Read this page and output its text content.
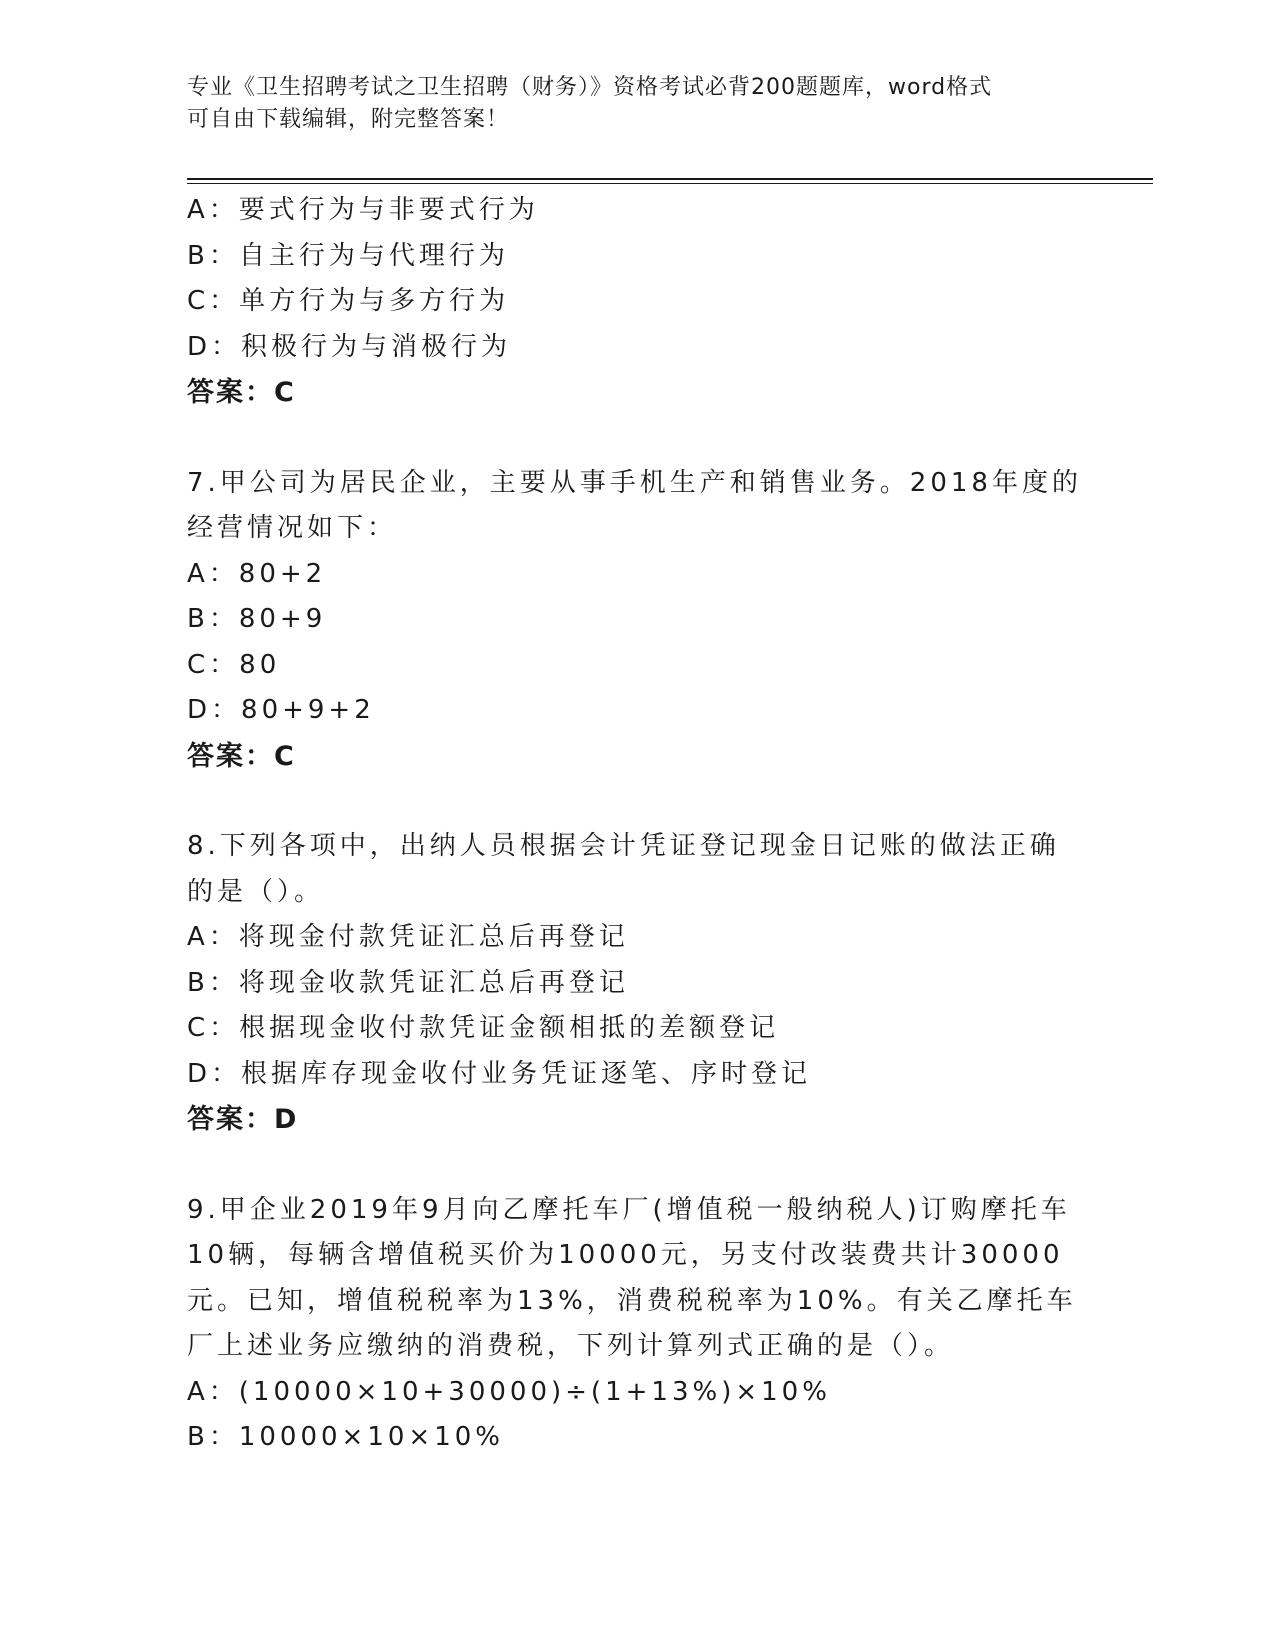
专业《卫生招聘考试之卫生招聘（财务）》资格考试必背200题题库，word格式
可自由下载编辑，附完整答案！
A：要式行为与非要式行为
B：自主行为与代理行为
C：单方行为与多方行为
D：积极行为与消极行为
答案：C
7.甲公司为居民企业，主要从事手机生产和销售业务。2018年度的经营情况如下：
A：80+2
B：80+9
C：80
D：80+9+2
答案：C
8.下列各项中，出纳人员根据会计凭证登记现金日记账的做法正确的是（）。
A：将现金付款凭证汇总后再登记
B：将现金收款凭证汇总后再登记
C：根据现金收付款凭证金额相抵的差额登记
D：根据库存现金收付业务凭证逐笔、序时登记
答案：D
9.甲企业2019年9月向乙摩托车厂(增值税一般纳税人)订购摩托车10辆，每辆含增值税买价为10000元，另支付改装费共计30000元。已知，增值税税率为13%，消费税税率为10%。有关乙摩托车厂上述业务应缴纳的消费税，下列计算列式正确的是（）。
A：(10000×10+30000)÷(1+13%)×10%
B：10000×10×10%
